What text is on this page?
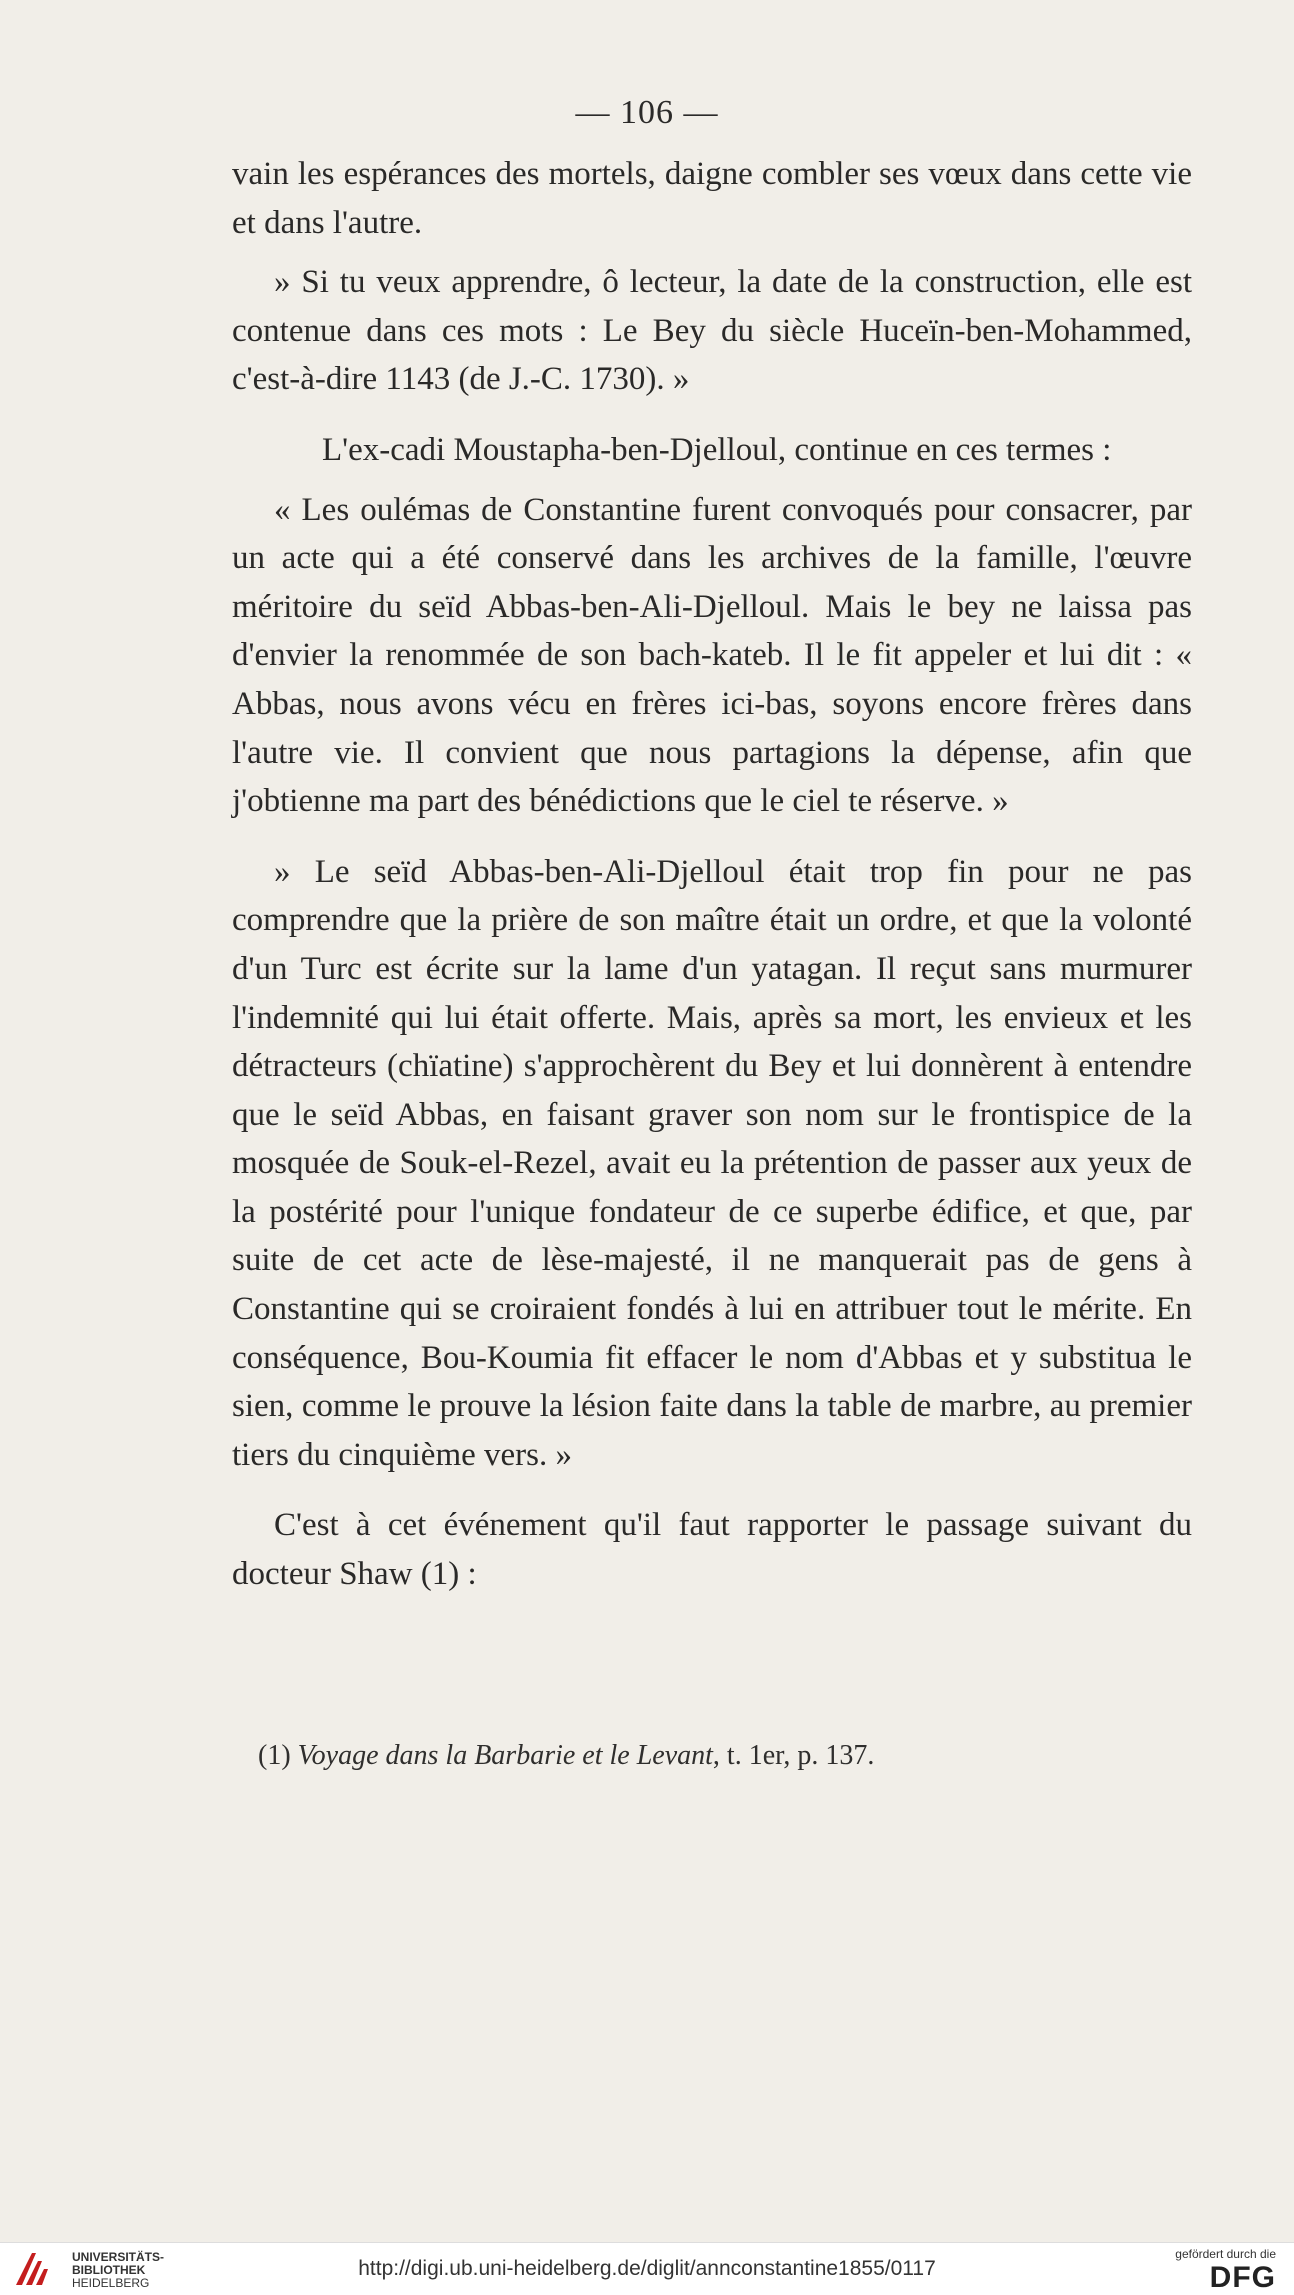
— 106 —

vain les espérances des mortels, daigne combler ses vœux dans cette vie et dans l'autre.

» Si tu veux apprendre, ô lecteur, la date de la construction, elle est contenue dans ces mots : Le Bey du siècle Huceïn-ben-Mohammed, c'est-à-dire 1143 (de J.-C. 1730). »

L'ex-cadi Moustapha-ben-Djelloul, continue en ces termes :

« Les oulémas de Constantine furent convoqués pour consacrer, par un acte qui a été conservé dans les archives de la famille, l'œuvre méritoire du seïd Abbas-ben-Ali-Djelloul. Mais le bey ne laissa pas d'envier la renommée de son bach-kateb. Il le fit appeler et lui dit : « Abbas, nous avons vécu en frères ici-bas, soyons encore frères dans l'autre vie. Il convient que nous partagions la dépense, afin que j'obtienne ma part des bénédictions que le ciel te réserve. »

» Le seïd Abbas-ben-Ali-Djelloul était trop fin pour ne pas comprendre que la prière de son maître était un ordre, et que la volonté d'un Turc est écrite sur la lame d'un yatagan. Il reçut sans murmurer l'indemnité qui lui était offerte. Mais, après sa mort, les envieux et les détracteurs (chïatine) s'approchèrent du Bey et lui donnèrent à entendre que le seïd Abbas, en faisant graver son nom sur le frontispice de la mosquée de Souk-el-Rezel, avait eu la prétention de passer aux yeux de la postérité pour l'unique fondateur de ce superbe édifice, et que, par suite de cet acte de lèse-majesté, il ne manquerait pas de gens à Constantine qui se croiraient fondés à lui en attribuer tout le mérite. En conséquence, Bou-Koumia fit effacer le nom d'Abbas et y substitua le sien, comme le prouve la lésion faite dans la table de marbre, au premier tiers du cinquième vers. »

C'est à cet événement qu'il faut rapporter le passage suivant du docteur Shaw (1) :

(1) Voyage dans la Barbarie et le Levant, t. 1er, p. 137.
UNIVERSITÄTS-
BIBLIOTHEK
HEIDELBERG
http://digi.ub.uni-heidelberg.de/diglit/annconstantine1855/0117
gefördert durch die
DFG
